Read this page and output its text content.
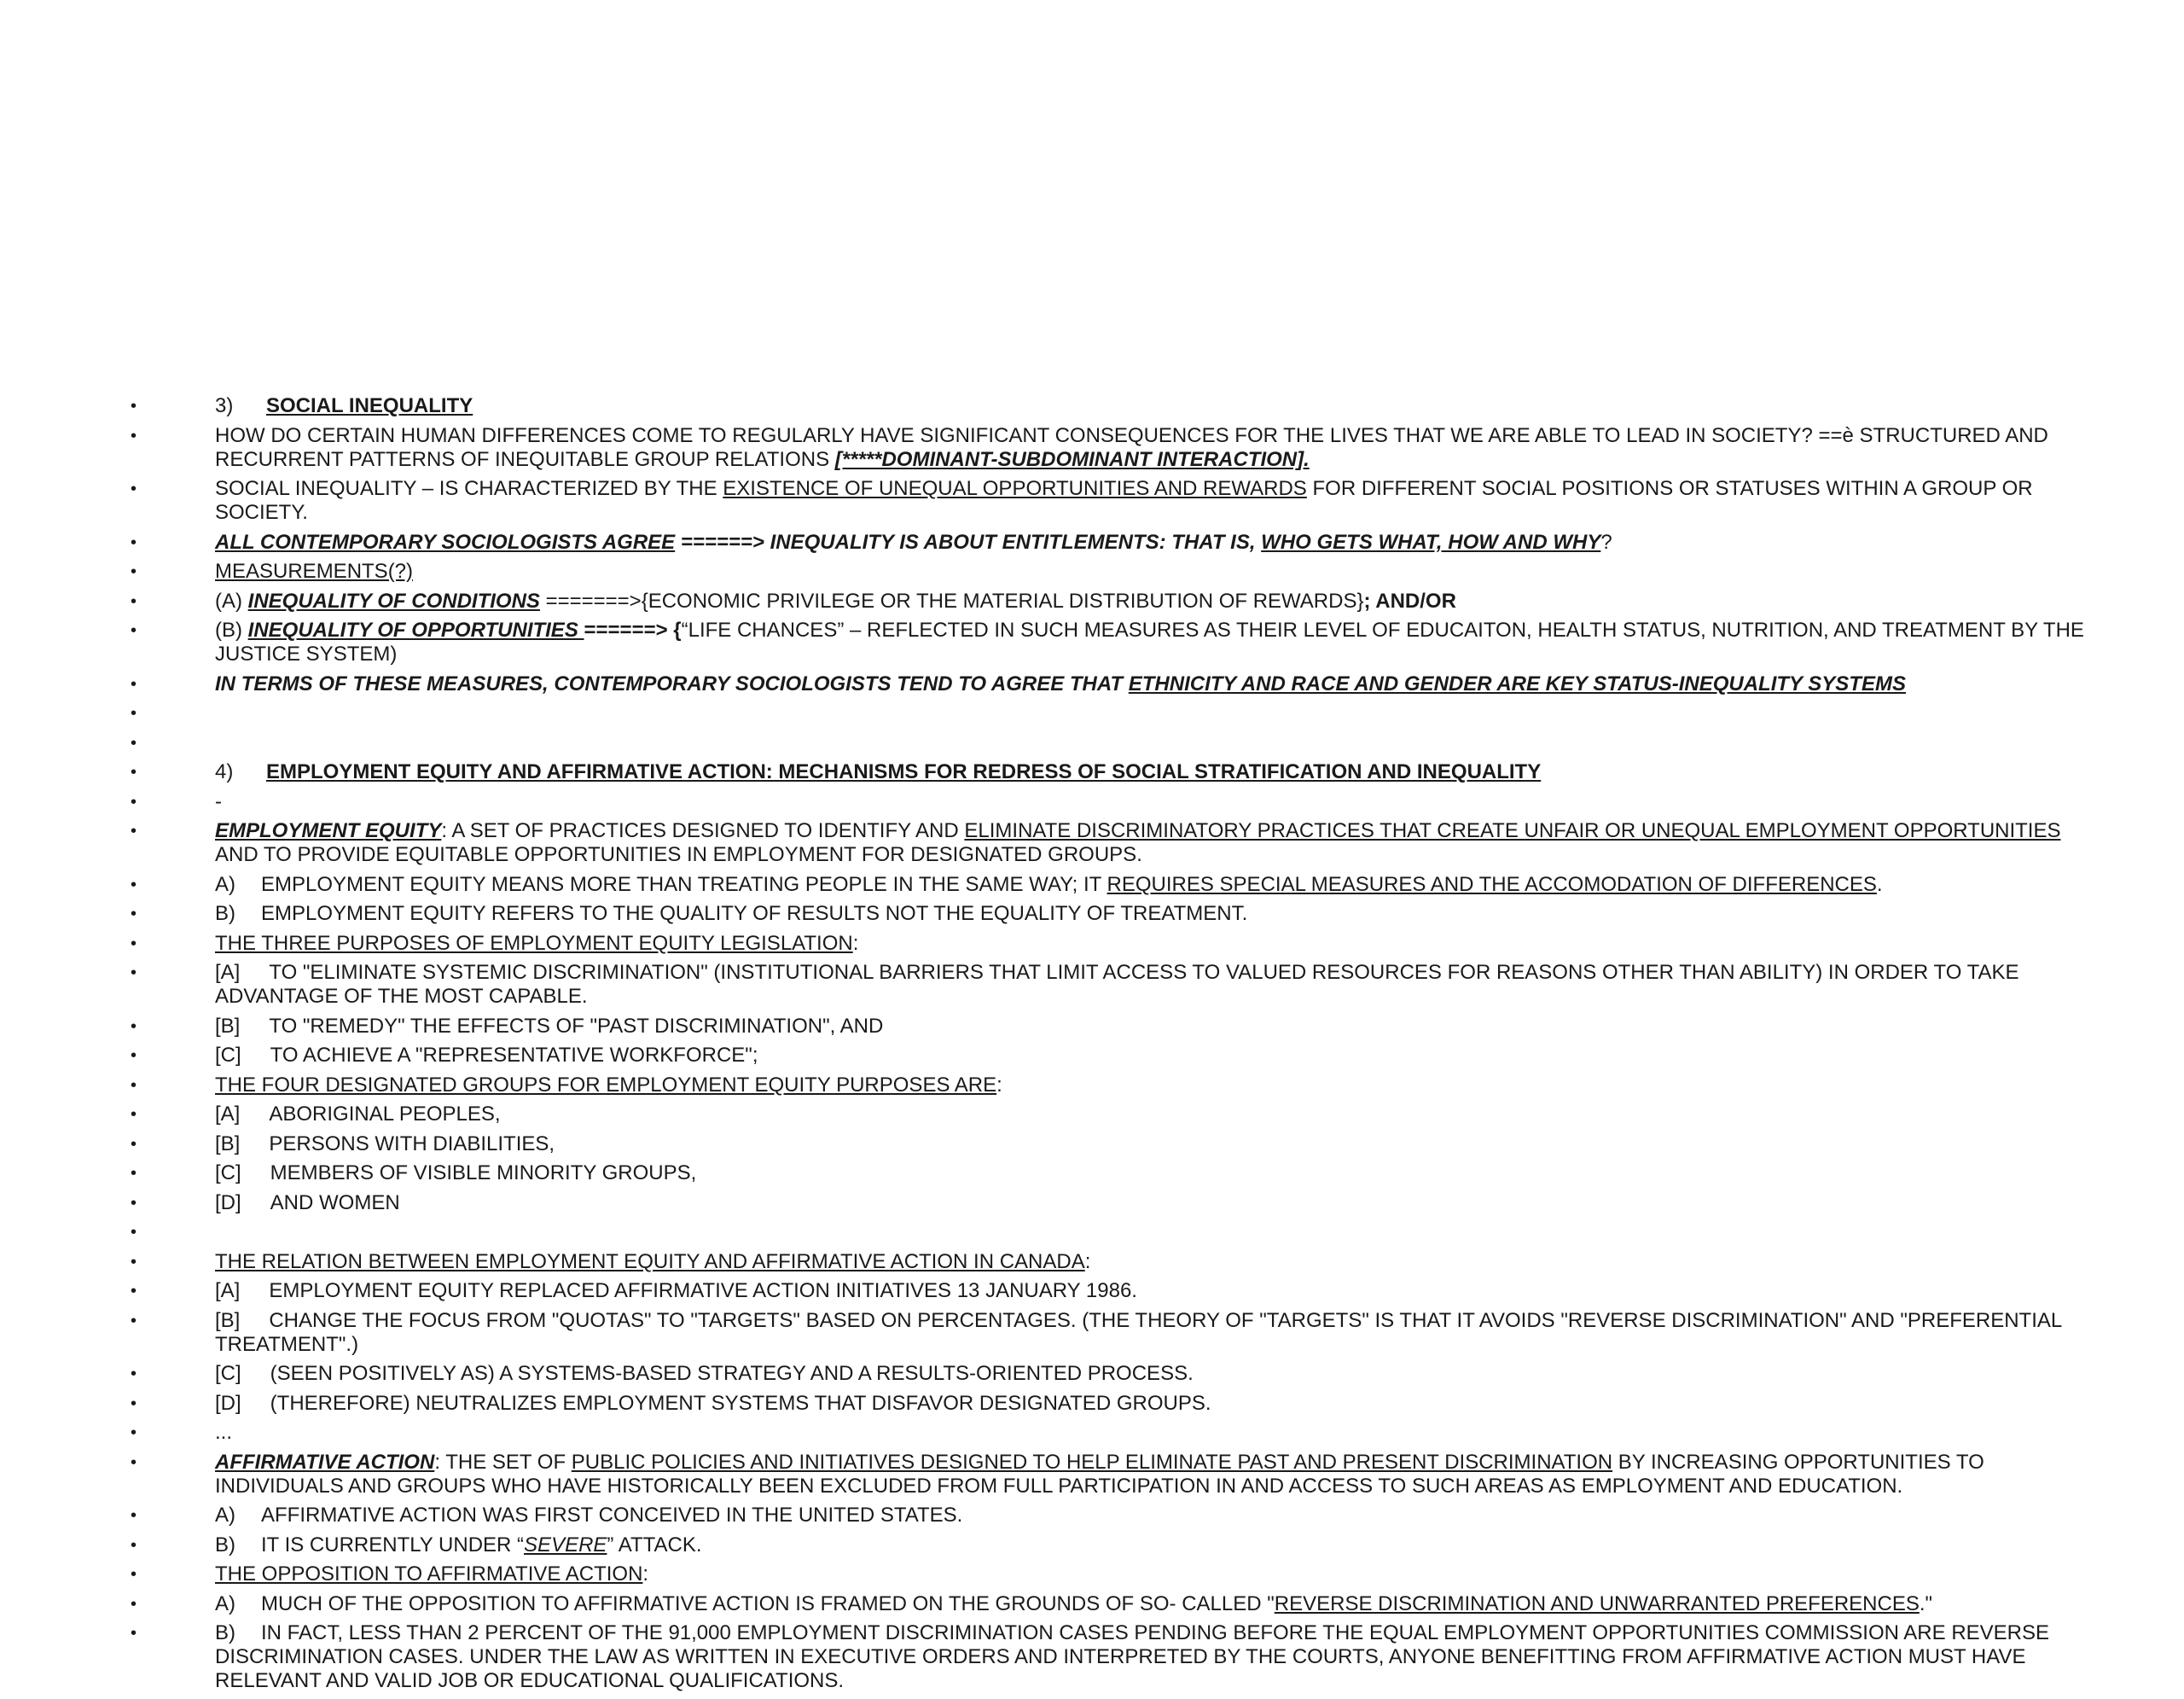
•	3) SOCIAL INEQUALITY
•	HOW DO CERTAIN HUMAN DIFFERENCES COME TO REGULARLY HAVE SIGNIFICANT CONSEQUENCES FOR THE LIVES THAT WE ARE ABLE TO LEAD IN SOCIETY? ==è STRUCTURED AND RECURRENT PATTERNS OF INEQUITABLE GROUP RELATIONS [*****DOMINANT-SUBDOMINANT INTERACTION].
•	SOCIAL INEQUALITY – IS CHARACTERIZED BY THE EXISTENCE OF UNEQUAL OPPORTUNITIES AND REWARDS FOR DIFFERENT SOCIAL POSITIONS OR STATUSES WITHIN A GROUP OR SOCIETY.
•	ALL CONTEMPORARY SOCIOLOGISTS AGREE ======> INEQUALITY IS ABOUT ENTITLEMENTS: THAT IS, WHO GETS WHAT, HOW AND WHY?
•	MEASUREMENTS(?)
•	(A) INEQUALITY OF CONDITIONS =======>{ECONOMIC PRIVILEGE OR THE MATERIAL DISTRIBUTION OF REWARDS}; AND/OR
•	(B) INEQUALITY OF OPPORTUNITIES ======> {“LIFE CHANCES” – REFLECTED IN SUCH MEASURES AS THEIR LEVEL OF EDUCAITON, HEALTH STATUS, NUTRITION, AND TREATMENT BY THE JUSTICE SYSTEM)
•	IN TERMS OF THESE MEASURES, CONTEMPORARY SOCIOLOGISTS TEND TO AGREE THAT ETHNICITY AND RACE AND GENDER ARE KEY STATUS-INEQUALITY SYSTEMS
•

•

•	4) EMPLOYMENT EQUITY AND AFFIRMATIVE ACTION: MECHANISMS FOR REDRESS OF SOCIAL STRATIFICATION AND INEQUALITY
•	-
•	EMPLOYMENT EQUITY: A SET OF PRACTICES DESIGNED TO IDENTIFY AND ELIMINATE DISCRIMINATORY PRACTICES THAT CREATE UNFAIR OR UNEQUAL EMPLOYMENT OPPORTUNITIES AND TO PROVIDE EQUITABLE OPPORTUNITIES IN EMPLOYMENT FOR DESIGNATED GROUPS.
•	A) EMPLOYMENT EQUITY MEANS MORE THAN TREATING PEOPLE IN THE SAME WAY; IT REQUIRES SPECIAL MEASURES AND THE ACCOMODATION OF DIFFERENCES.
•	B) EMPLOYMENT EQUITY REFERS TO THE QUALITY OF RESULTS NOT THE EQUALITY OF TREATMENT.
•	THE THREE PURPOSES OF EMPLOYMENT EQUITY LEGISLATION:
•	[A] TO "ELIMINATE SYSTEMIC DISCRIMINATION" (INSTITUTIONAL BARRIERS THAT LIMIT ACCESS TO VALUED RESOURCES FOR REASONS OTHER THAN ABILITY) IN ORDER TO TAKE ADVANTAGE OF THE MOST CAPABLE.
•	[B] TO "REMEDY" THE EFFECTS OF "PAST DISCRIMINATION", AND
•	[C] TO ACHIEVE A "REPRESENTATIVE WORKFORCE";
•	THE FOUR DESIGNATED GROUPS FOR EMPLOYMENT EQUITY PURPOSES ARE:
•	[A] ABORIGINAL PEOPLES,
•	[B] PERSONS WITH DIABILITIES,
•	[C] MEMBERS OF VISIBLE MINORITY GROUPS,
•	[D] AND WOMEN
•

•	THE RELATION BETWEEN EMPLOYMENT EQUITY AND AFFIRMATIVE ACTION IN CANADA:
•	[A] EMPLOYMENT EQUITY REPLACED AFFIRMATIVE ACTION INITIATIVES 13 JANUARY 1986.
•	[B] CHANGE THE FOCUS FROM "QUOTAS" TO "TARGETS" BASED ON PERCENTAGES. (THE THEORY OF "TARGETS" IS THAT IT AVOIDS "REVERSE DISCRIMINATION" AND "PREFERENTIAL TREATMENT".)
•	[C] (SEEN POSITIVELY AS) A SYSTEMS-BASED STRATEGY AND A RESULTS-ORIENTED PROCESS.
•	[D] (THEREFORE) NEUTRALIZES EMPLOYMENT SYSTEMS THAT DISFAVOR DESIGNATED GROUPS.
•	...
•	AFFIRMATIVE ACTION: THE SET OF PUBLIC POLICIES AND INITIATIVES DESIGNED TO HELP ELIMINATE PAST AND PRESENT DISCRIMINATION BY INCREASING OPPORTUNITIES TO INDIVIDUALS AND GROUPS WHO HAVE HISTORICALLY BEEN EXCLUDED FROM FULL PARTICIPATION IN AND ACCESS TO SUCH AREAS AS EMPLOYMENT AND EDUCATION.
•	A) AFFIRMATIVE ACTION WAS FIRST CONCEIVED IN THE UNITED STATES.
•	B) IT IS CURRENTLY UNDER “SEVERE” ATTACK.
•	THE OPPOSITION TO AFFIRMATIVE ACTION:
•	A) MUCH OF THE OPPOSITION TO AFFIRMATIVE ACTION IS FRAMED ON THE GROUNDS OF SO- CALLED "REVERSE DISCRIMINATION AND UNWARRANTED PREFERENCES."
•	B) IN FACT, LESS THAN 2 PERCENT OF THE 91,000 EMPLOYMENT DISCRIMINATION CASES PENDING BEFORE THE EQUAL EMPLOYMENT OPPORTUNITIES COMMISSION ARE REVERSE DISCRIMINATION CASES. UNDER THE LAW AS WRITTEN IN EXECUTIVE ORDERS AND INTERPRETED BY THE COURTS, ANYONE BENEFITTING FROM AFFIRMATIVE ACTION MUST HAVE RELEVANT AND VALID JOB OR EDUCATIONAL QUALIFICATIONS.
